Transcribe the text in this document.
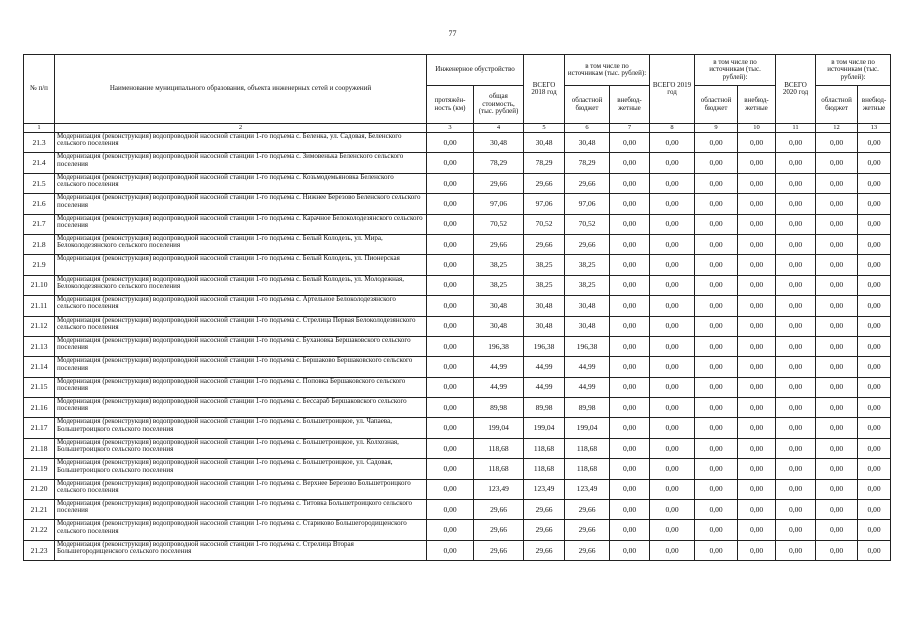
77
№ п/п	Наименование муниципального образования, объекта инженерных сетей и сооружений	Инженерное обустройство		ВСЕГО 2018 год	в том числе по источникам (тыс. рублей):		ВСЕГО 2019 год	в том числе по источникам (тыс. рублей):		ВСЕГО 2020 год	в том числе по источникам (тыс. рублей):	
		протяжён-ность (км)	общая стоимость, (тыс. рублей)		областной бюджет	внебюд-жетные		областной бюджет	внебюд-жетные		областной бюджет	внебюд-жетные
1	2	3	4	5	6	7	8	9	10	11	12	13
21.3	Модернизация (реконструкция) водопроводной насосной станции 1-го подъема с. Беленка, ул. Садовая, Беленского сельского поселения	0,00	30,48	30,48	30,48	0,00	0,00	0,00	0,00	0,00	0,00	0,00
21.4	Модернизация (реконструкция) водопроводной насосной станции 1-го подъема с. Зимовенька Беленского сельского поселения	0,00	78,29	78,29	78,29	0,00	0,00	0,00	0,00	0,00	0,00	0,00
21.5	Модернизация (реконструкция) водопроводной насосной станции 1-го подъема с. Козьмодемьяновка Беленского сельского поселения	0,00	29,66	29,66	29,66	0,00	0,00	0,00	0,00	0,00	0,00	0,00
21.6	Модернизация (реконструкция) водопроводной насосной станции 1-го подъема с. Нижнее Березово Беленского сельского поселения	0,00	97,06	97,06	97,06	0,00	0,00	0,00	0,00	0,00	0,00	0,00
21.7	Модернизация (реконструкция) водопроводной насосной станции 1-го подъема с. Карачное Белоколодезянского сельского поселения	0,00	70,52	70,52	70,52	0,00	0,00	0,00	0,00	0,00	0,00	0,00
21.8	Модернизация (реконструкция) водопроводной насосной станции 1-го подъема с. Белый Колодезь, ул. Мира, Белоколодезянского сельского поселения	0,00	29,66	29,66	29,66	0,00	0,00	0,00	0,00	0,00	0,00	0,00
21.9	Модернизация (реконструкция) водопроводной насосной станции 1-го подъема с. Белый Колодезь, ул. Пионерская	0,00	38,25	38,25	38,25	0,00	0,00	0,00	0,00	0,00	0,00	0,00
21.10	Модернизация (реконструкция) водопроводной насосной станции 1-го подъема с. Белый Колодезь, ул. Молодежная, Белоколодезянского сельского поселения	0,00	38,25	38,25	38,25	0,00	0,00	0,00	0,00	0,00	0,00	0,00
21.11	Модернизация (реконструкция) водопроводной насосной станции 1-го подъема с. Артельное Белоколодезянского сельского поселения	0,00	30,48	30,48	30,48	0,00	0,00	0,00	0,00	0,00	0,00	0,00
21.12	Модернизация (реконструкция) водопроводной насосной станции 1-го подъема с. Стрелица Первая Белоколодезянского сельского поселения	0,00	30,48	30,48	30,48	0,00	0,00	0,00	0,00	0,00	0,00	0,00
21.13	Модернизация (реконструкция) водопроводной насосной станции 1-го подъема с. Бухановка Бершаковского сельского поселения	0,00	196,38	196,38	196,38	0,00	0,00	0,00	0,00	0,00	0,00	0,00
21.14	Модернизация (реконструкция) водопроводной насосной станции 1-го подъема с. Бершаково Бершаковского сельского поселения	0,00	44,99	44,99	44,99	0,00	0,00	0,00	0,00	0,00	0,00	0,00
21.15	Модернизация (реконструкция) водопроводной насосной станции 1-го подъема с. Поповка Бершаковского сельского поселения	0,00	44,99	44,99	44,99	0,00	0,00	0,00	0,00	0,00	0,00	0,00
21.16	Модернизация (реконструкция) водопроводной насосной станции 1-го подъема с. Бессараб Бершаковского сельского поселения	0,00	89,98	89,98	89,98	0,00	0,00	0,00	0,00	0,00	0,00	0,00
21.17	Модернизация (реконструкция) водопроводной насосной станции 1-го подъема с. Большетроицкое, ул. Чапаева, Большетроицкого сельского поселения	0,00	199,04	199,04	199,04	0,00	0,00	0,00	0,00	0,00	0,00	0,00
21.18	Модернизация (реконструкция) водопроводной насосной станции 1-го подъема с. Большетроицкое, ул. Колхозная, Большетроицкого сельского поселения	0,00	118,68	118,68	118,68	0,00	0,00	0,00	0,00	0,00	0,00	0,00
21.19	Модернизация (реконструкция) водопроводной насосной станции 1-го подъема с. Большетроицкое, ул. Садовая, Большетроицкого сельского поселения	0,00	118,68	118,68	118,68	0,00	0,00	0,00	0,00	0,00	0,00	0,00
21.20	Модернизация (реконструкция) водопроводной насосной станции 1-го подъема с. Верхнее Березово Большетроицкого сельского поселения	0,00	123,49	123,49	123,49	0,00	0,00	0,00	0,00	0,00	0,00	0,00
21.21	Модернизация (реконструкция) водопроводной насосной станции 1-го подъема с. Титовка Большетроицкого сельского поселения	0,00	29,66	29,66	29,66	0,00	0,00	0,00	0,00	0,00	0,00	0,00
21.22	Модернизация (реконструкция) водопроводной насосной станции 1-го подъема с. Стариково Большегородищенского сельского поселения	0,00	29,66	29,66	29,66	0,00	0,00	0,00	0,00	0,00	0,00	0,00
21.23	Модернизация (реконструкция) водопроводной насосной станции 1-го подъема с. Стрелица Вторая Большегородищенского сельского поселения	0,00	29,66	29,66	29,66	0,00	0,00	0,00	0,00	0,00	0,00	0,00
